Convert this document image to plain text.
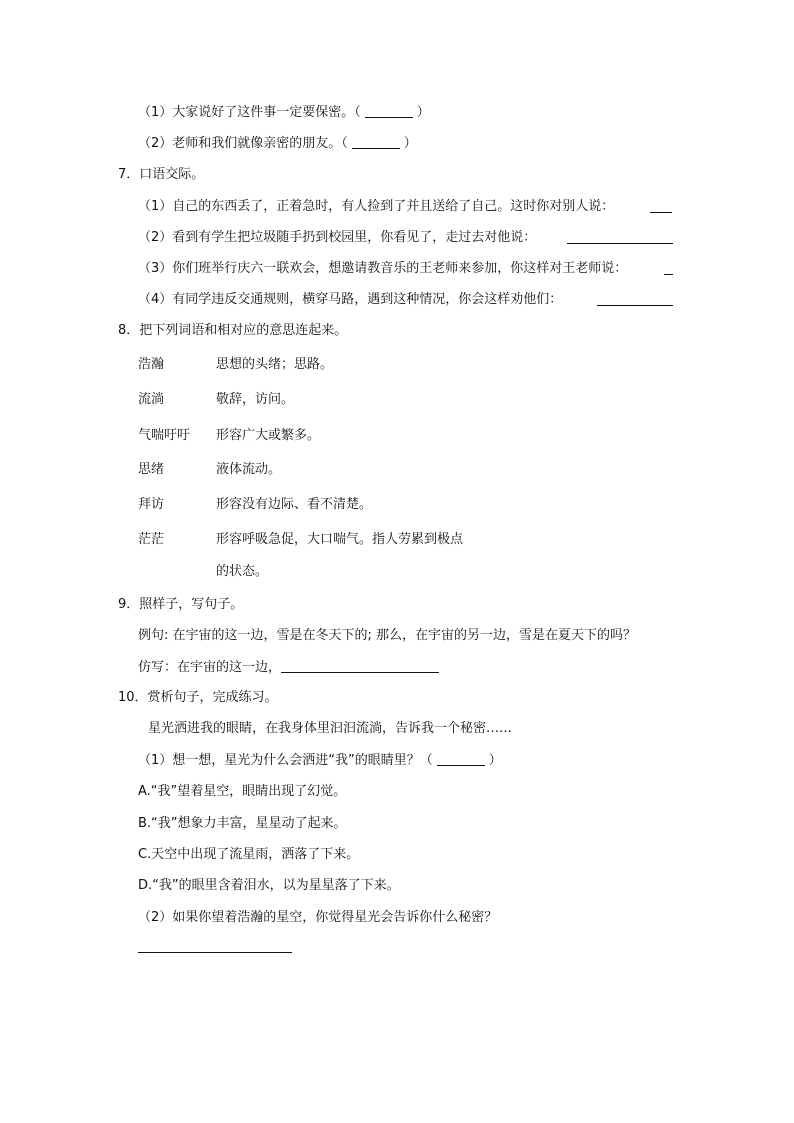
（1）大家说好了这件事一定要保密。（	）
（2）老师和我们就像亲密的朋友。（	）
7．口语交际。
（1）自己的东西丢了，正着急时，有人捡到了并且送给了自己。这时你对别人说：
（2）看到有学生把垃圾随手扔到校园里，你看见了，走过去对他说：
（3）你们班举行庆六一联欢会，想邀请教音乐的王老师来参加，你这样对王老师说：
（4）有同学违反交通规则，横穿马路，遇到这种情况，你会这样劝他们：
8．把下列词语和相对应的意思连起来。
浩瀚	思想的头绪；思路。
流淌	敬辞，访问。
气喘吁吁 形容广大或繁多。
思绪	液体流动。
拜访	形容没有边际、看不清楚。
茫茫	形容呼吸急促，大口喘气。指人劳累到极点
的状态。
9．照样子，写句子。
例句: 在宇宙的这一边，雪是在冬天下的; 那么，在宇宙的另一边，雪是在夏天下的吗？
仿写：在宇宙的这一边，
10．赏析句子，完成练习。
星光洒进我的眼睛，在我身体里汩汩流淌，告诉我一个秘密……
（1）想一想，星光为什么会洒进“我”的眼睛里？（	）
A.“我”望着星空，眼睛出现了幻觉。
B.“我”想象力丰富，星星动了起来。
C.天空中出现了流星雨，洒落了下来。
D.“我”的眼里含着泪水，以为星星落了下来。
（2）如果你望着浩瀚的星空，你觉得星光会告诉你什么秘密？
